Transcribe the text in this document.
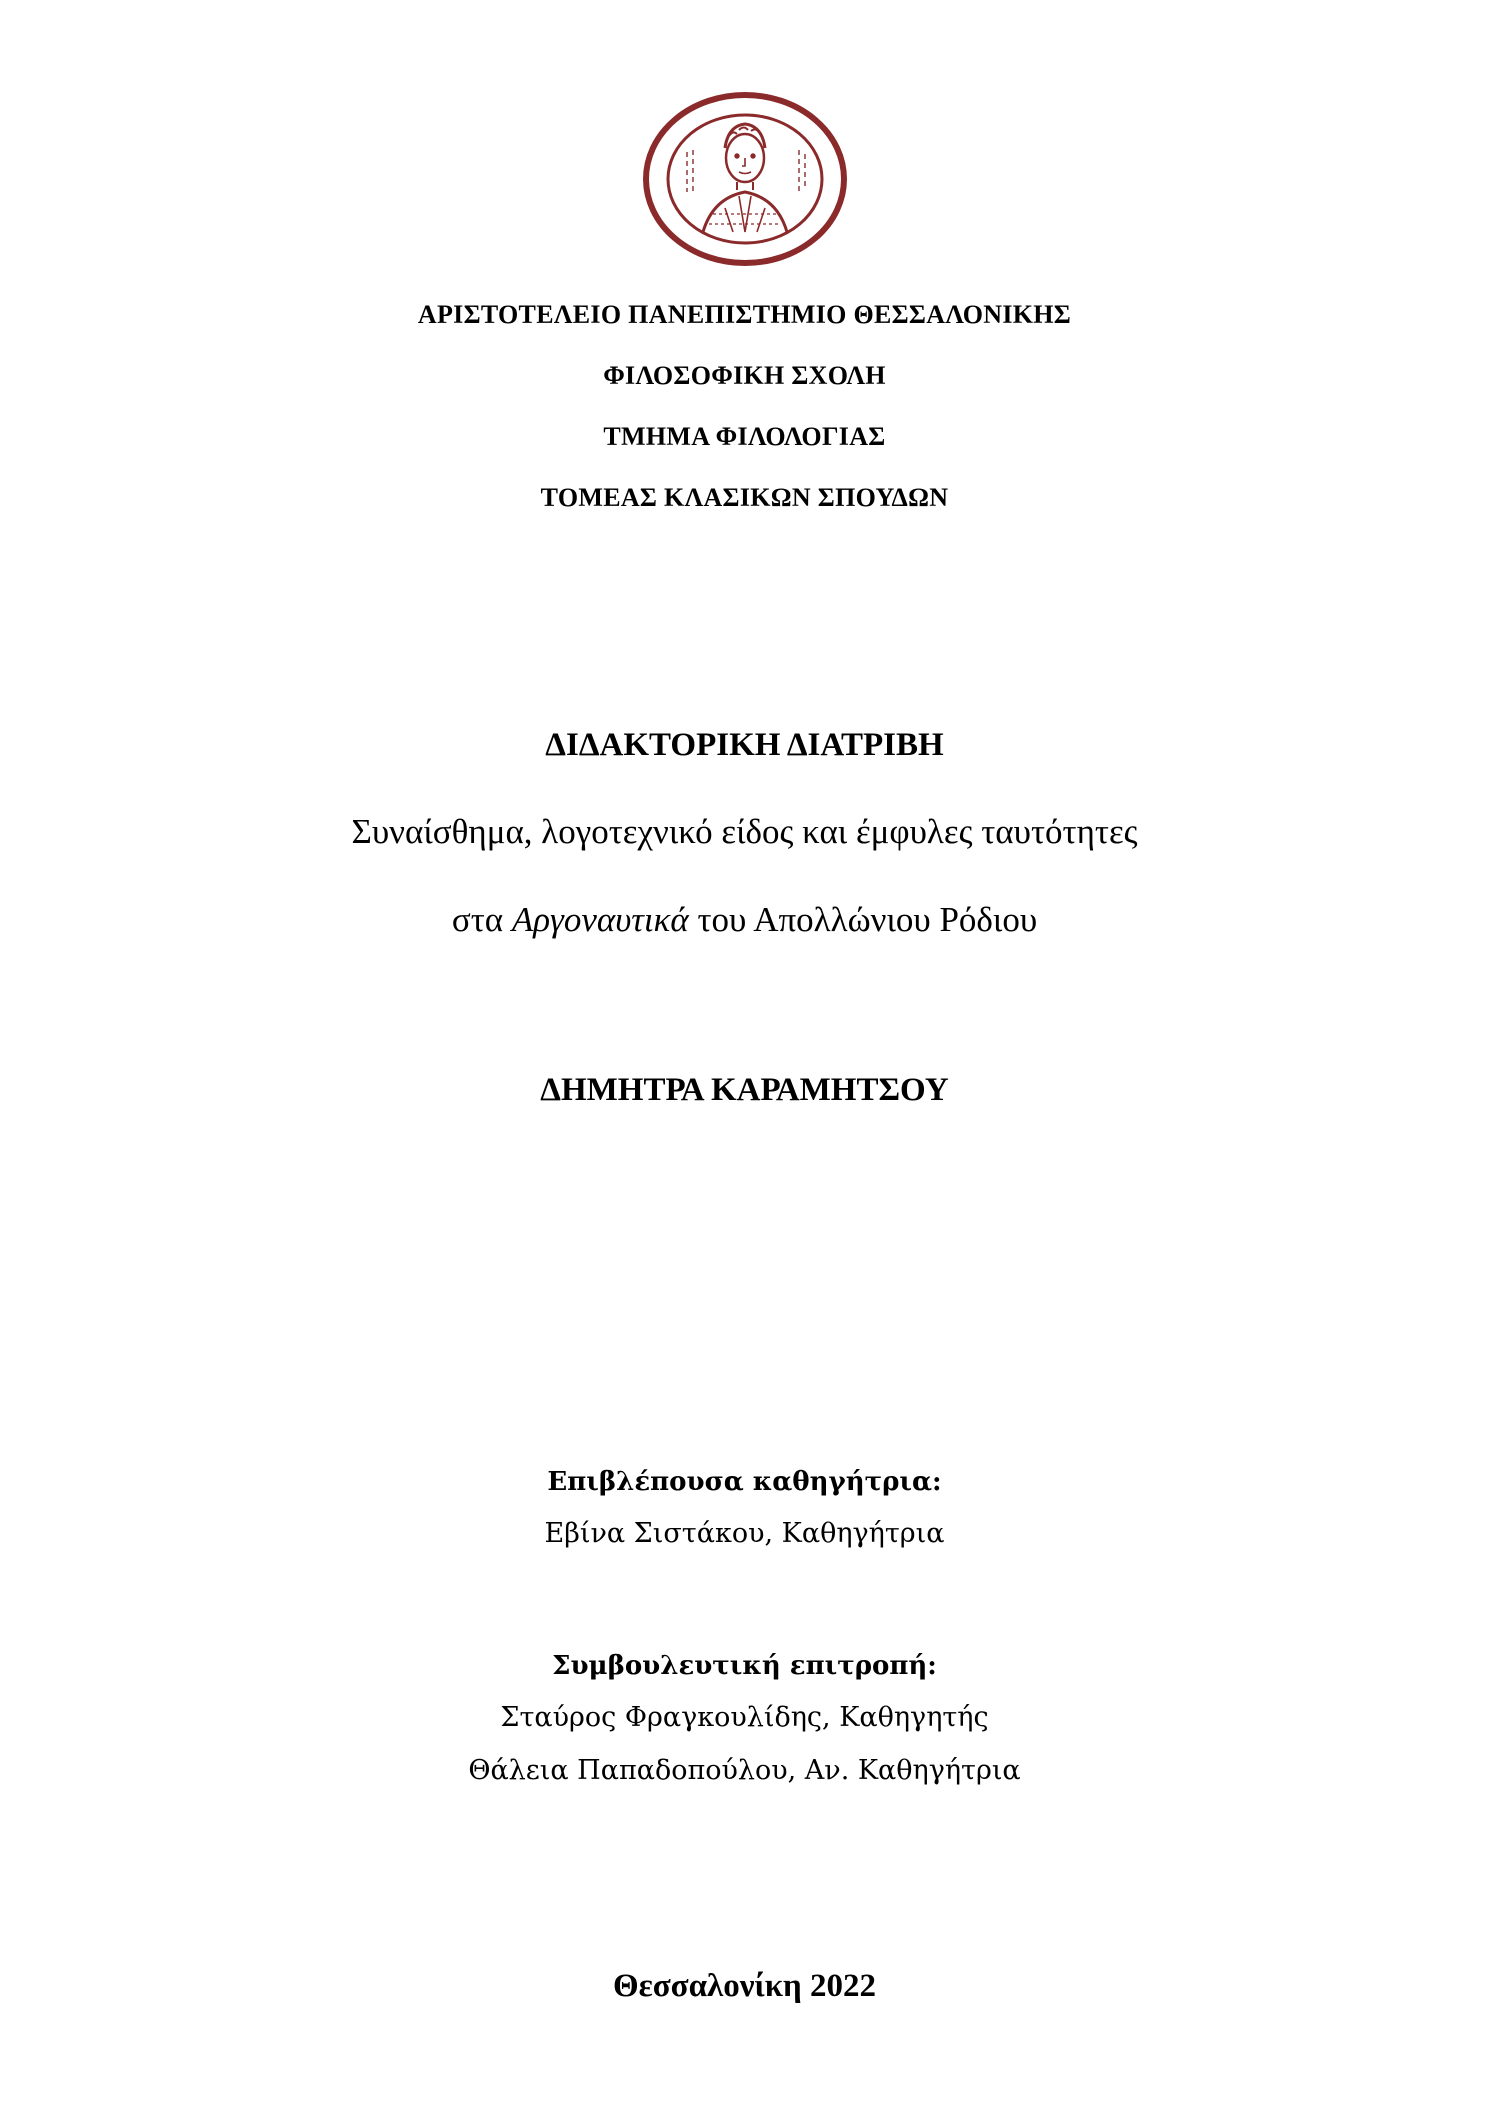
ΑΡΙΣΤΟΤΕΛΕΙΟ ΠΑΝΕΠΙΣΤΗΜΙΟ ΘΕΣΣΑΛΟΝΙΚΗΣ
ΦΙΛΟΣΟΦΙΚΗ ΣΧΟΛΗ
ΤΜΗΜΑ ΦΙΛΟΛΟΓΙΑΣ
ΤΟΜΕΑΣ ΚΛΑΣΙΚΩΝ ΣΠΟΥΔΩΝ
ΔΙΔΑΚΤΟΡΙΚΗ ΔΙΑΤΡΙΒΗ
Συναίσθημα, λογοτεχνικό είδος και έμφυλες ταυτότητες
στα Αργοναυτικά του Απολλώνιου Ρόδιου
ΔΗΜΗΤΡΑ ΚΑΡΑΜΗΤΣΟΥ
Επιβλέπουσα καθηγήτρια:
Εβίνα Σιστάκου, Καθηγήτρια
Συμβουλευτική επιτροπή:
Σταύρος Φραγκουλίδης, Καθηγητής
Θάλεια Παπαδοπούλου, Αν. Καθηγήτρια
Θεσσαλονίκη 2022
